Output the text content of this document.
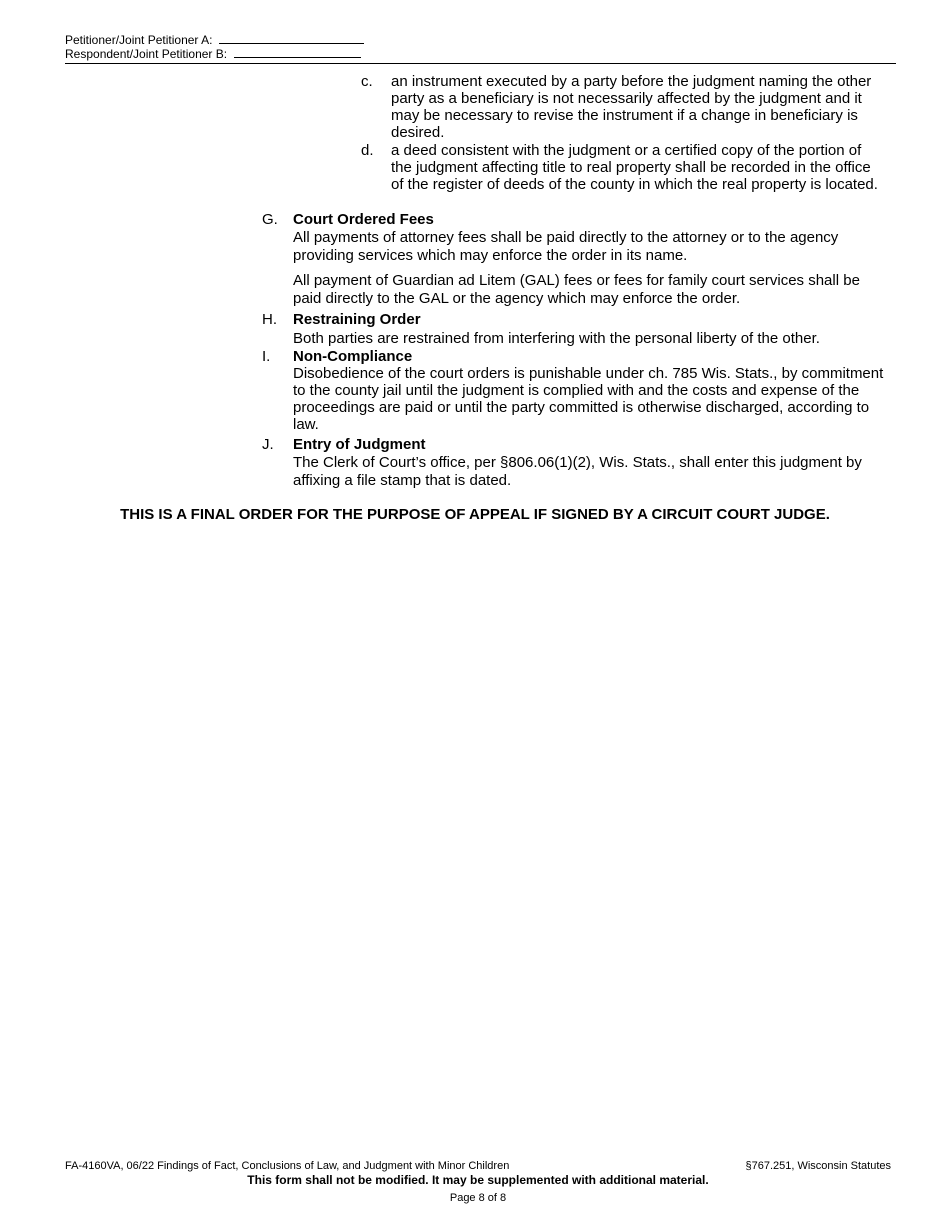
Petitioner/Joint Petitioner A:
Respondent/Joint Petitioner B:
c. an instrument executed by a party before the judgment naming the other party as a beneficiary is not necessarily affected by the judgment and it may be necessary to revise the instrument if a change in beneficiary is desired.
d. a deed consistent with the judgment or a certified copy of the portion of the judgment affecting title to real property shall be recorded in the office of the register of deeds of the county in which the real property is located.
G. Court Ordered Fees

All payments of attorney fees shall be paid directly to the attorney or to the agency providing services which may enforce the order in its name.

All payment of Guardian ad Litem (GAL) fees or fees for family court services shall be paid directly to the GAL or the agency which may enforce the order.

H. Restraining Order

Both parties are restrained from interfering with the personal liberty of the other.

I. Non-Compliance

Disobedience of the court orders is punishable under ch. 785 Wis. Stats., by commitment to the county jail until the judgment is complied with and the costs and expense of the proceedings are paid or until the party committed is otherwise discharged, according to law.

J. Entry of Judgment

The Clerk of Court’s office, per §806.06(1)(2), Wis. Stats., shall enter this judgment by affixing a file stamp that is dated.

THIS IS A FINAL ORDER FOR THE PURPOSE OF APPEAL IF SIGNED BY A CIRCUIT COURT JUDGE.
FA-4160VA, 06/22 Findings of Fact, Conclusions of Law, and Judgment with Minor Children	§767.251, Wisconsin Statutes
This form shall not be modified. It may be supplemented with additional material.
Page 8 of 8
